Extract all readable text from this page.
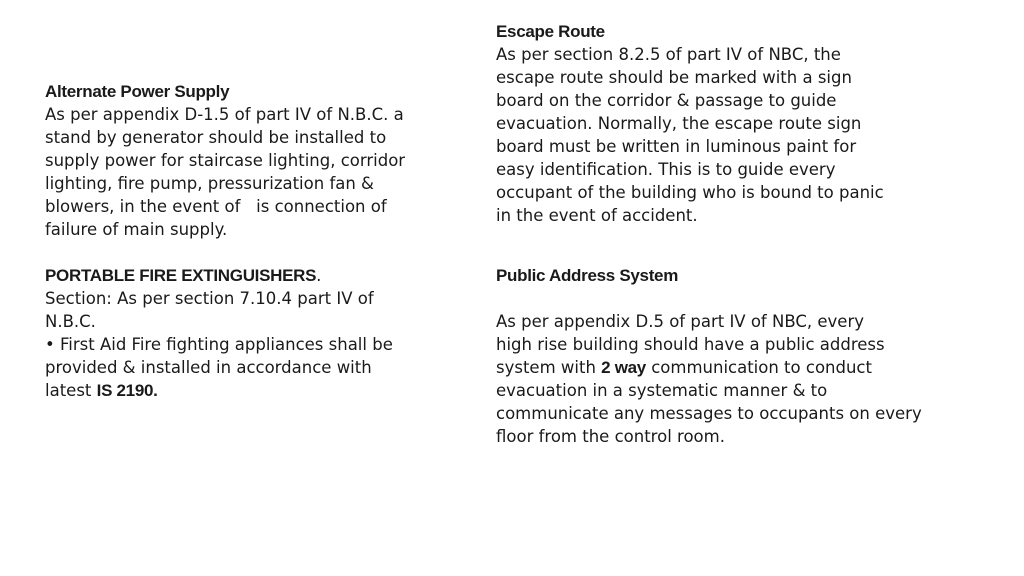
Alternate Power Supply

As per appendix D-1.5 of part IV of N.B.C. a

stand by generator should be installed to

supply power for staircase lighting, corridor

lighting, fire pump, pressurization fan &

blowers, in the event of   is connection of

failure of main supply.

PORTABLE FIRE EXTINGUISHERS.

Section: As per section 7.10.4 part IV of

N.B.C.

• First Aid Fire fighting appliances shall be

provided & installed in accordance with

latest IS 2190.

Escape Route

As per section 8.2.5 of part IV of NBC, the

escape route should be marked with a sign

board on the corridor & passage to guide

evacuation. Normally, the escape route sign

board must be written in luminous paint for

easy identification. This is to guide every

occupant of the building who is bound to panic

in the event of accident.

Public Address System

As per appendix D.5 of part IV of NBC, every

high rise building should have a public address

system with 2 way communication to conduct

evacuation in a systematic manner & to

communicate any messages to occupants on every

floor from the control room.
